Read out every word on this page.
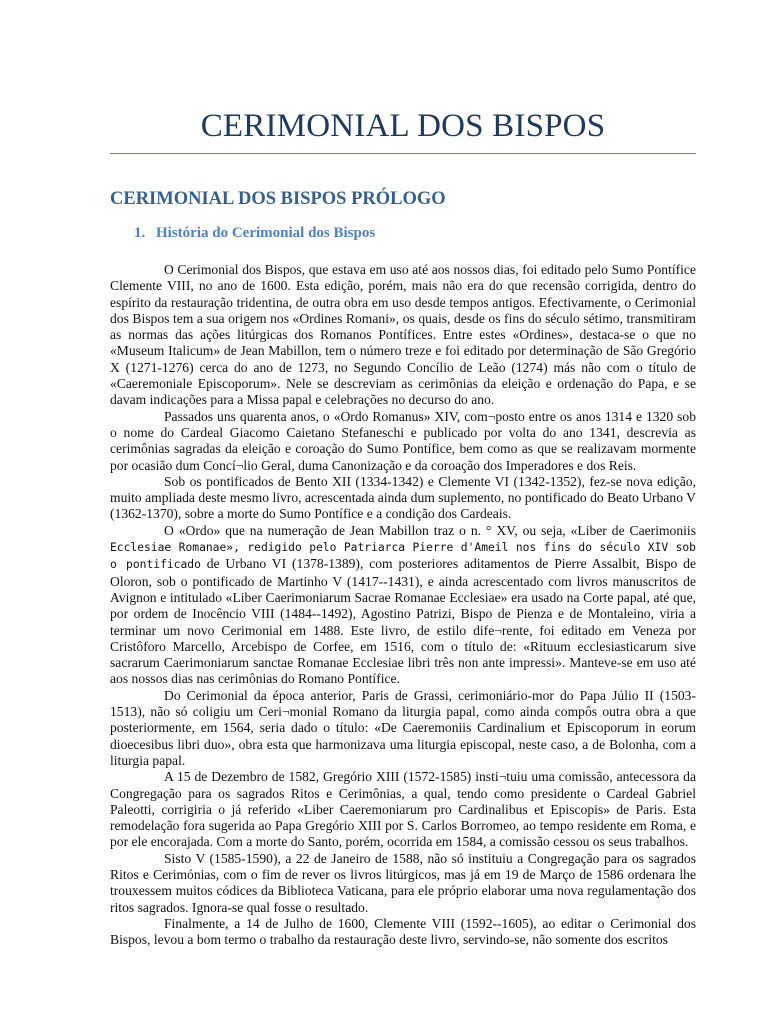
CERIMONIAL DOS BISPOS
CERIMONIAL DOS BISPOS PRÓLOGO
1. História do Cerimonial dos Bispos

O Cerimonial dos Bispos, que estava em uso até aos nossos dias, foi editado pelo Sumo Pontífice Clemente VIII, no ano de 1600. Esta edição, porém, mais não era do que recensão corrigida, dentro do espírito da restauração tridentina, de outra obra em uso desde tempos antigos. Efectivamente, o Cerimonial dos Bispos tem a sua origem nos «Ordines Romani», os quais, desde os fins do século sétimo, transmitiram as normas das ações litúrgicas dos Romanos Pontífices. Entre estes «Ordines», destaca-se o que no «Museum Italicum» de Jean Mabillon, tem o número treze e foi editado por determinação de São Gregório X (1271-1276) cerca do ano de 1273, no Segundo Concílio de Leão (1274) más não com o título de «Caeremoniale Episcoporum». Nele se descreviam as cerimônias da eleição e ordenação do Papa, e se davam indicações para a Missa papal e celebrações no decurso do ano.

Passados uns quarenta anos, o «Ordo Romanus» XIV, com¬posto entre os anos 1314 e 1320 sob o nome do Cardeal Giacomo Caietano Stefaneschi e publicado por volta do ano 1341, descrevia as cerimônias sagradas da eleição e coroação do Sumo Pontífice, bem como as que se realizavam mormente por ocasião dum Concí¬lio Geral, duma Canonização e da coroação dos Imperadores e dos Reis.

Sob os pontificados de Bento XII (1334-1342) e Clemente VI (1342-1352), fez-se nova edição, muito ampliada deste mesmo livro, acrescentada ainda dum suplemento, no pontificado do Beato Urbano V (1362-1370), sobre a morte do Sumo Pontífice e a condição dos Cardeais.

O «Ordo» que na numeração de Jean Mabillon traz o n. ° XV, ou seja, «Liber de Caerimoniis Ecclesiae Romanae», redigido pelo Patriarca Pierre d'Ameil nos fins do século XIV sob o pontificado de Urbano VI (1378-1389), com posteriores aditamentos de Pierre Assalbit, Bispo de Oloron, sob o pontificado de Martinho V (1417--1431), e ainda acrescentado com livros manuscritos de Avignon e intitulado «Liber Caerimoniarum Sacrae Romanae Ecclesiae» era usado na Corte papal, até que, por ordem de Inocêncio VIII (1484--1492), Agostino Patrizi, Bispo de Pienza e de Montaleino, viria a terminar um novo Cerimonial em 1488. Este livro, de estilo dife¬rente, foi editado em Veneza por Cristôforo Marcello, Arcebispo de Corfee, em 1516, com o título de: «Rituum ecclesiasticarum sive sacrarum Caerimoniarum sanctae Romanae Ecclesiae libri três non ante impressi». Manteve-se em uso até aos nossos dias nas cerimônias do Romano Pontífice.

Do Cerimonial da época anterior, Paris de Grassi, cerimoniário-mor do Papa Júlio II (1503-1513), não só coligiu um Ceri¬monial Romano da liturgia papal, como ainda compôs outra obra a que posteriormente, em 1564, seria dado o título: «De Caeremoniis Cardinalium et Episcoporum in eorum dioecesibus libri duo», obra esta que harmonizava uma liturgia episcopal, neste caso, a de Bolonha, com a liturgia papal.

A 15 de Dezembro de 1582, Gregório XIII (1572-1585) insti¬tuiu uma comissão, antecessora da Congregação para os sagrados Ritos e Cerimônias, a qual, tendo como presidente o Cardeal Gabriel Paleotti, corrigiria o já referido «Liber Caeremoniarum pro Cardinalibus et Episcopis» de Paris. Esta remodelação fora sugerida ao Papa Gregório XIII por S. Carlos Borromeo, ao tempo residente em Roma, e por ele encorajada. Com a morte do Santo, porém, ocorrida em 1584, a comissão cessou os seus trabalhos.

Sisto V (1585-1590), a 22 de Janeiro de 1588, não só instituiu a Congregação para os sagrados Ritos e Cerimónias, com o fim de rever os livros litúrgicos, mas já em 19 de Março de 1586 ordenara lhe trouxessem muitos códices da Biblioteca Vaticana, para ele próprio elaborar uma nova regulamentação dos ritos sagrados. Ignora-se qual fosse o resultado.

Finalmente, a 14 de Julho de 1600, Clemente VIII (1592--1605), ao editar o Cerimonial dos Bispos, levou a bom termo o trabalho da restauração deste livro, servindo-se, não somente dos escritos
